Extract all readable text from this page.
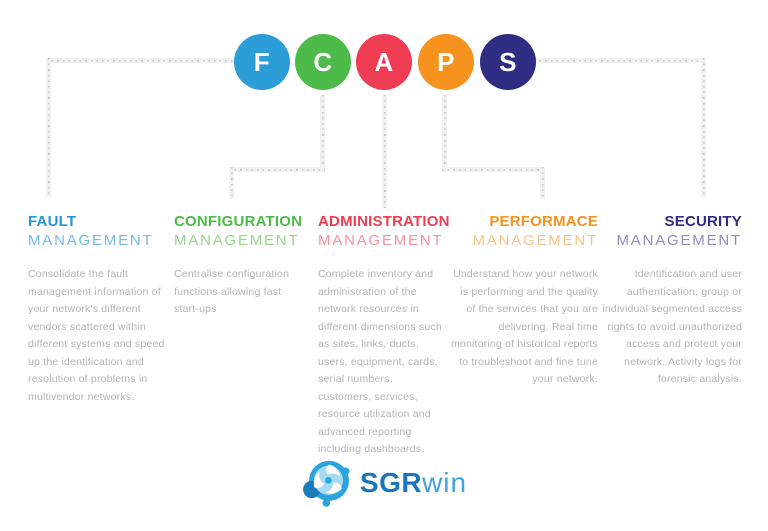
F C A P S
FAULT
MANAGEMENT
Consolidate the fault management information of your network's different vendors scattered within different systems and speed up the identification and resolution of problems in multivendor networks.
CONFIGURATION
MANAGEMENT
Centralise configuration functions allowing fast start-ups
ADMINISTRATION
MANAGEMENT
Complete inventory and administration of the network resources in different dimensions such as sites, links, ducts, users, equipment, cards, serial numbers, customers, services, resource utilization and advanced reporting including dashboards.
PERFORMACE
MANAGEMENT
Understand how your network is performing and the quality of the services that you are delivering. Real time monitoring of historical reports to troubleshoot and fine tune your network.
SECURITY
MANAGEMENT
Identification and user authentication, group or individual segmented access rights to avoid unauthorized access and protect your network. Activity logs for forensic analysis.
SGRwin
